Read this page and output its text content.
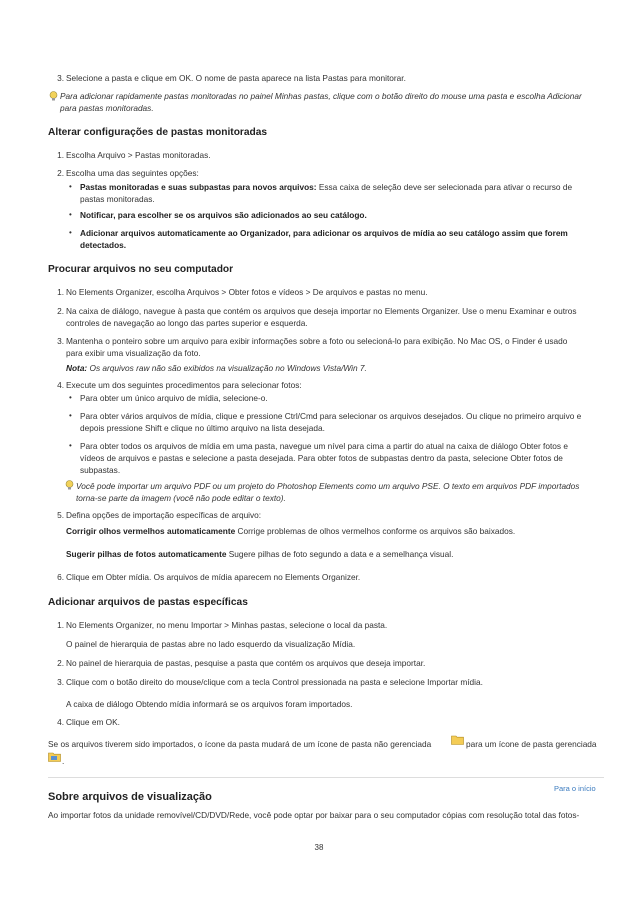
3. Selecione a pasta e clique em OK. O nome de pasta aparece na lista Pastas para monitorar.
Para adicionar rapidamente pastas monitoradas no painel Minhas pastas, clique com o botão direito do mouse uma pasta e escolha Adicionar
para pastas monitoradas.
Alterar configurações de pastas monitoradas
1. Escolha Arquivo > Pastas monitoradas.
2. Escolha uma das seguintes opções:
• Pastas monitoradas e suas subpastas para novos arquivos: Essa caixa de seleção deve ser selecionada para ativar o recurso de
pastas monitoradas.
• Notificar, para escolher se os arquivos são adicionados ao seu catálogo.
• Adicionar arquivos automaticamente ao Organizador, para adicionar os arquivos de mídia ao seu catálogo assim que forem
detectados.
Procurar arquivos no seu computador
1. No Elements Organizer, escolha Arquivos > Obter fotos e vídeos > De arquivos e pastas no menu.
2. Na caixa de diálogo, navegue à pasta que contém os arquivos que deseja importar no Elements Organizer. Use o menu Examinar e outros
controles de navegação ao longo das partes superior e esquerda.
3. Mantenha o ponteiro sobre um arquivo para exibir informações sobre a foto ou selecioná-lo para exibição. No Mac OS, o Finder é usado
para exibir uma visualização da foto.
Nota: Os arquivos raw não são exibidos na visualização no Windows Vista/Win 7.
4. Execute um dos seguintes procedimentos para selecionar fotos:
• Para obter um único arquivo de mídia, selecione-o.
• Para obter vários arquivos de mídia, clique e pressione Ctrl/Cmd para selecionar os arquivos desejados. Ou clique no primeiro arquivo e
depois pressione Shift e clique no último arquivo na lista desejada.
• Para obter todos os arquivos de mídia em uma pasta, navegue um nível para cima a partir do atual na caixa de diálogo Obter fotos e
vídeos de arquivos e pastas e selecione a pasta desejada. Para obter fotos de subpastas dentro da pasta, selecione Obter fotos de
subpastas.
Você pode importar um arquivo PDF ou um projeto do Photoshop Elements como um arquivo PSE. O texto em arquivos PDF importados
torna-se parte da imagem (você não pode editar o texto).
5. Defina opções de importação específicas de arquivo:
Corrigir olhos vermelhos automaticamente Corrige problemas de olhos vermelhos conforme os arquivos são baixados.
Sugerir pilhas de fotos automaticamente Sugere pilhas de foto segundo a data e a semelhança visual.
6. Clique em Obter mídia. Os arquivos de mídia aparecem no Elements Organizer.
Adicionar arquivos de pastas específicas
1. No Elements Organizer, no menu Importar > Minhas pastas, selecione o local da pasta.
O painel de hierarquia de pastas abre no lado esquerdo da visualização Mídia.
2. No painel de hierarquia de pastas, pesquise a pasta que contém os arquivos que deseja importar.
3. Clique com o botão direito do mouse/clique com a tecla Control pressionada na pasta e selecione Importar mídia.
A caixa de diálogo Obtendo mídia informará se os arquivos foram importados.
4. Clique em OK.
Se os arquivos tiverem sido importados, o ícone da pasta mudará de um ícone de pasta não gerenciada	para um ícone de pasta gerenciada
.
Para o início
Sobre arquivos de visualização
Ao importar fotos da unidade removível/CD/DVD/Rede, você pode optar por baixar para o seu computador cópias com resolução total das fotos-
38
